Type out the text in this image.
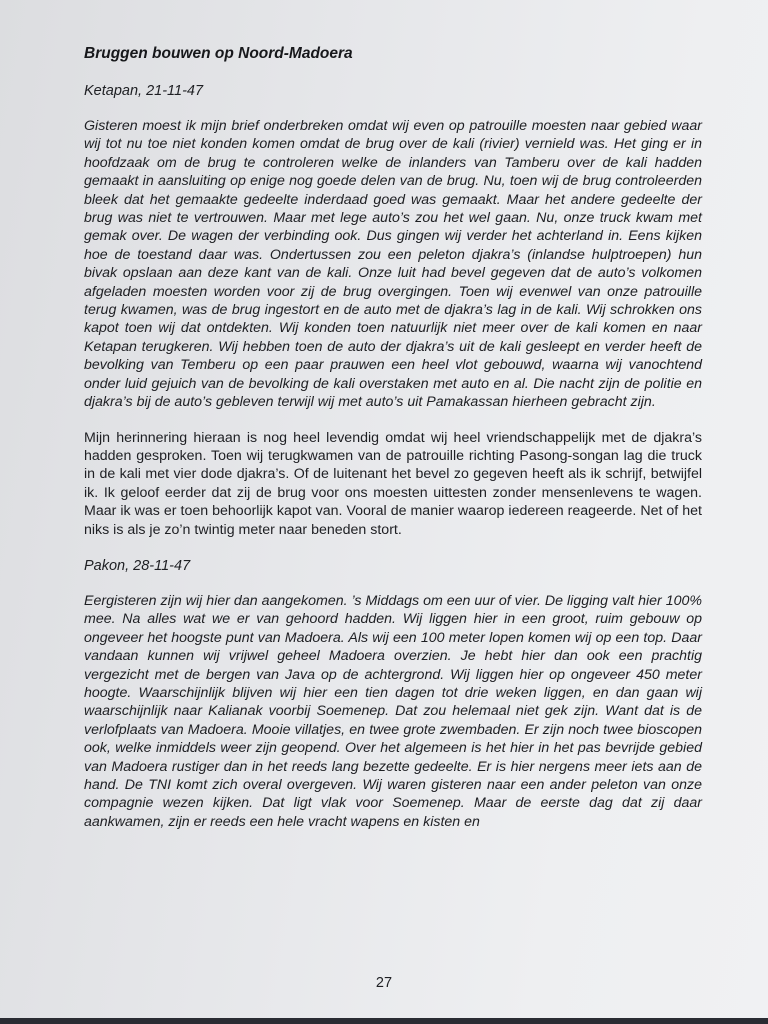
Bruggen bouwen op Noord-Madoera
Ketapan, 21-11-47

Gisteren moest ik mijn brief onderbreken omdat wij even op patrouille moesten naar gebied waar wij tot nu toe niet konden komen omdat de brug over de kali (rivier) vernield was. Het ging er in hoofdzaak om de brug te controleren welke de inlanders van Tamberu over de kali hadden gemaakt in aansluiting op enige nog goede delen van de brug. Nu, toen wij de brug controleerden bleek dat het gemaakte gedeelte inderdaad goed was gemaakt. Maar het andere gedeelte der brug was niet te vertrouwen. Maar met lege auto’s zou het wel gaan. Nu, onze truck kwam met gemak over. De wagen der verbinding ook. Dus gingen wij verder het achterland in. Eens kijken hoe de toestand daar was. Ondertussen zou een peleton djakra’s (inlandse hulptroepen) hun bivak opslaan aan deze kant van de kali. Onze luit had bevel gegeven dat de auto’s volkomen afgeladen moesten worden voor zij de brug overgingen. Toen wij evenwel van onze patrouille terug kwamen, was de brug ingestort en de auto met de djakra’s lag in de kali. Wij schrokken ons kapot toen wij dat ontdekten. Wij konden toen natuurlijk niet meer over de kali komen en naar Ketapan terugkeren. Wij hebben toen de auto der djakra’s uit de kali gesleept en verder heeft de bevolking van Temberu op een paar prauwen een heel vlot gebouwd, waarna wij vanochtend onder luid gejuich van de bevolking de kali overstaken met auto en al. Die nacht zijn de politie en djakra’s bij de auto’s gebleven terwijl wij met auto’s uit Pamakassan hierheen gebracht zijn.

Mijn herinnering hieraan is nog heel levendig omdat wij heel vriendschappelijk met de djakra’s hadden gesproken. Toen wij terugkwamen van de patrouille richting Pasong-songan lag die truck in de kali met vier dode djakra’s. Of de luitenant het bevel zo gegeven heeft als ik schrijf, betwijfel ik. Ik geloof eerder dat zij de brug voor ons moesten uittesten zonder mensenlevens te wagen. Maar ik was er toen behoorlijk kapot van. Vooral de manier waarop iedereen reageerde. Net of het niks is als je zo’n twintig meter naar beneden stort.

Pakon, 28-11-47

Eergisteren zijn wij hier dan aangekomen. ’s Middags om een uur of vier. De ligging valt hier 100% mee. Na alles wat we er van gehoord hadden. Wij liggen hier in een groot, ruim gebouw op ongeveer het hoogste punt van Madoera. Als wij een 100 meter lopen komen wij op een top. Daar vandaan kunnen wij vrijwel geheel Madoera overzien. Je hebt hier dan ook een prachtig vergezicht met de bergen van Java op de achtergrond. Wij liggen hier op ongeveer 450 meter hoogte. Waarschijnlijk blijven wij hier een tien dagen tot drie weken liggen, en dan gaan wij waarschijnlijk naar Kalianak voorbij Soemenep. Dat zou helemaal niet gek zijn. Want dat is de verlofplaats van Madoera. Mooie villatjes, en twee grote zwembaden. Er zijn noch twee bioscopen ook, welke inmiddels weer zijn geopend. Over het algemeen is het hier in het pas bevrijde gebied van Madoera rustiger dan in het reeds lang bezette gedeelte. Er is hier nergens meer iets aan de hand. De TNI komt zich overal overgeven. Wij waren gisteren naar een ander peleton van onze compagnie wezen kijken. Dat ligt vlak voor Soemenep. Maar de eerste dag dat zij daar aankwamen, zijn er reeds een hele vracht wapens en kisten en

27
